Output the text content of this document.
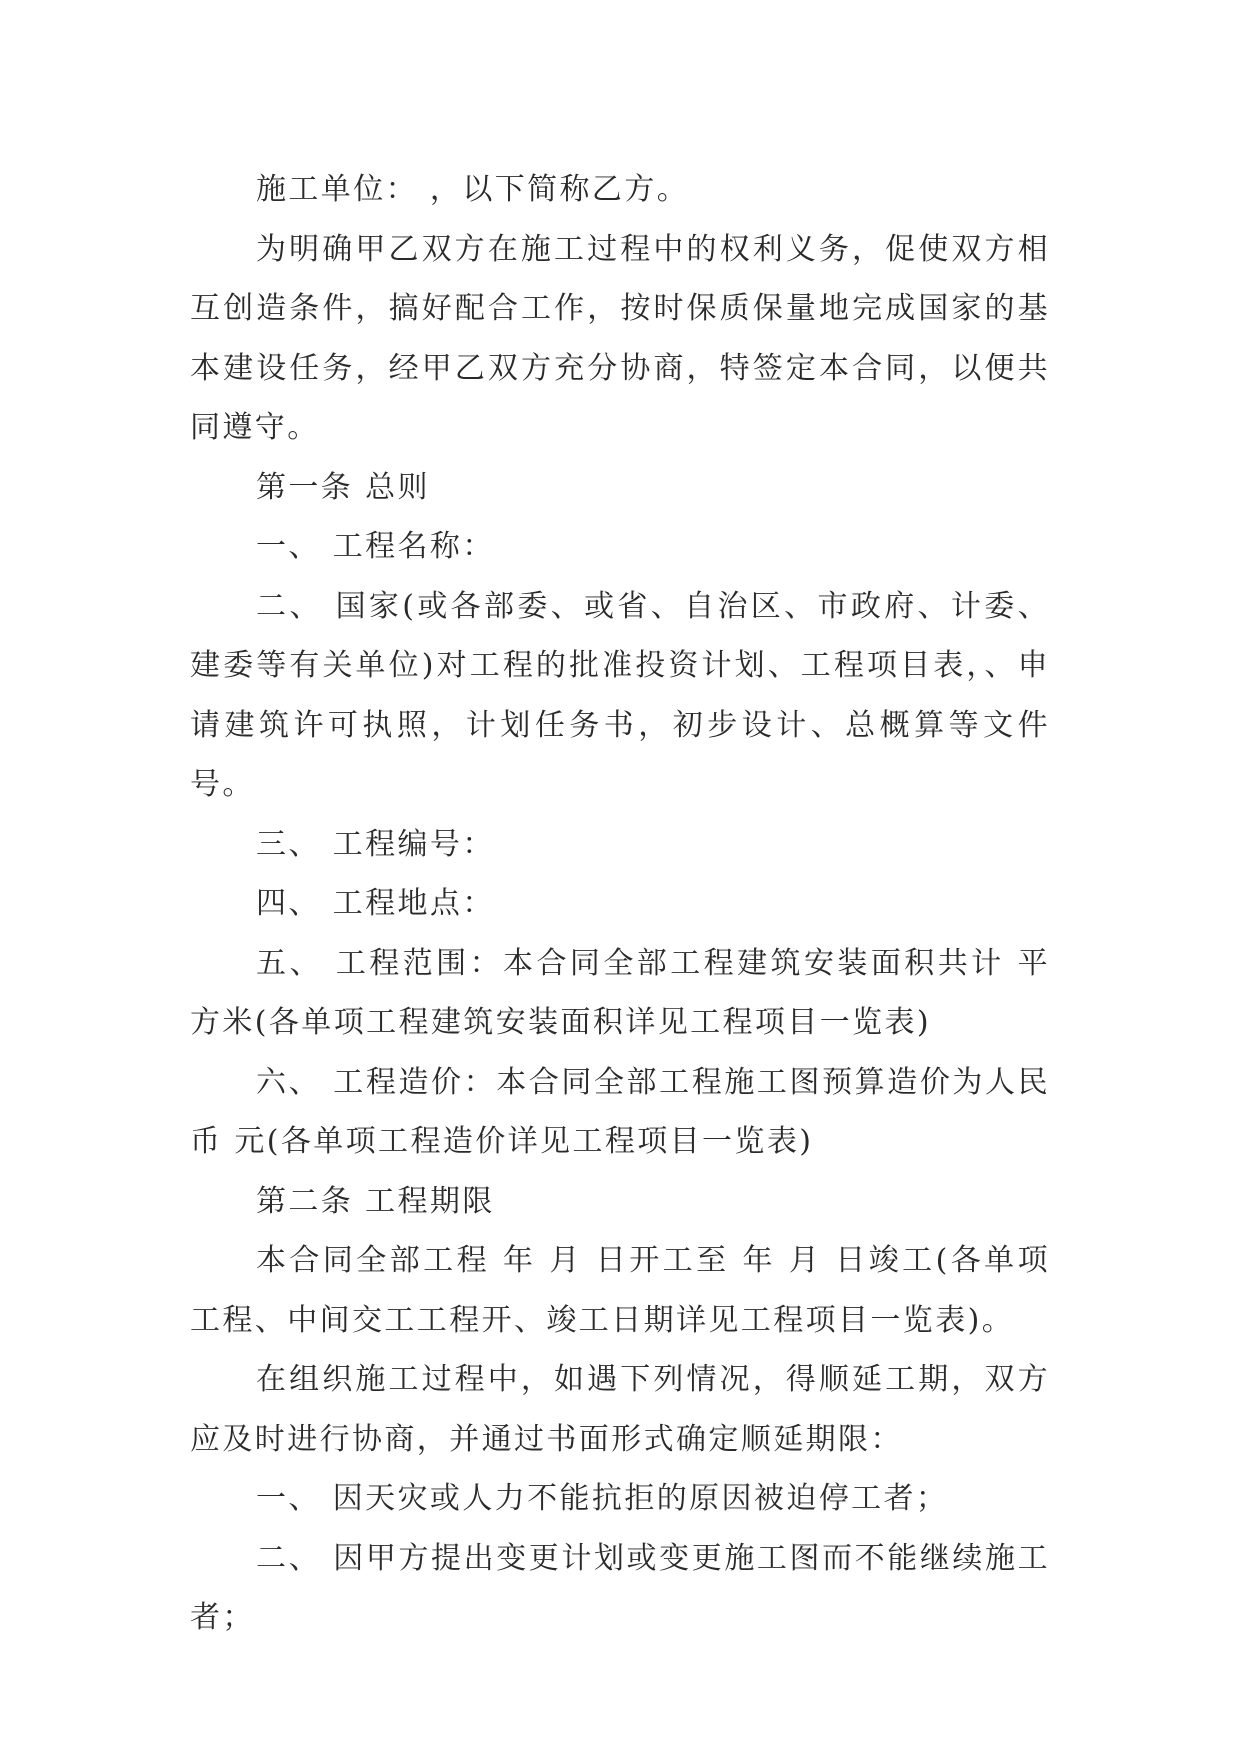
施工单位： ，以下简称乙方。

为明确甲乙双方在施工过程中的权利义务，促使双方相互创造条件，搞好配合工作，按时保质保量地完成国家的基本建设任务，经甲乙双方充分协商，特签定本合同，以便共同遵守。

第一条 总则

一、 工程名称：

二、 国家(或各部委、或省、自治区、市政府、计委、建委等有关单位)对工程的批准投资计划、工程项目表，、申请建筑许可执照，计划任务书，初步设计、总概算等文件号。

三、 工程编号：

四、 工程地点：

五、 工程范围：本合同全部工程建筑安装面积共计 平方米(各单项工程建筑安装面积详见工程项目一览表)

六、 工程造价：本合同全部工程施工图预算造价为人民币 元(各单项工程造价详见工程项目一览表)

第二条 工程期限

本合同全部工程 年 月 日开工至 年 月 日竣工(各单项工程、中间交工工程开、竣工日期详见工程项目一览表)。

在组织施工过程中，如遇下列情况，得顺延工期，双方应及时进行协商，并通过书面形式确定顺延期限：

一、 因天灾或人力不能抗拒的原因被迫停工者；

二、 因甲方提出变更计划或变更施工图而不能继续施工者；
